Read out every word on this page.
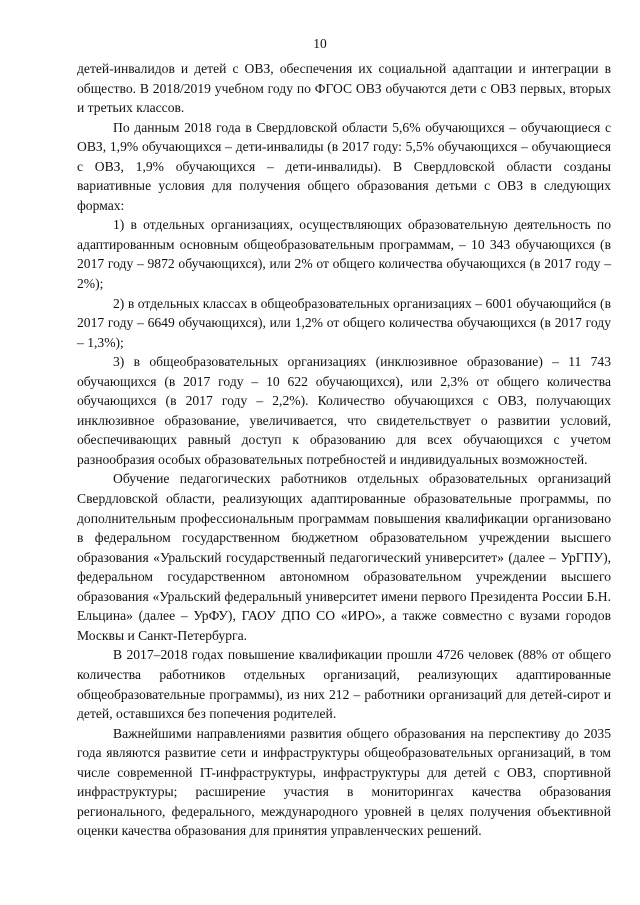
10

детей-инвалидов и детей с ОВЗ, обеспечения их социальной адаптации и интеграции в общество. В 2018/2019 учебном году по ФГОС ОВЗ обучаются дети с ОВЗ первых, вторых и третьих классов.

По данным 2018 года в Свердловской области 5,6% обучающихся – обучающиеся с ОВЗ, 1,9% обучающихся – дети-инвалиды (в 2017 году: 5,5% обучающихся – обучающиеся с ОВЗ, 1,9% обучающихся – дети-инвалиды). В Свердловской области созданы вариативные условия для получения общего образования детьми с ОВЗ в следующих формах:

1) в отдельных организациях, осуществляющих образовательную деятельность по адаптированным основным общеобразовательным программам, – 10 343 обучающихся (в 2017 году – 9872 обучающихся), или 2% от общего количества обучающихся (в 2017 году – 2%);

2) в отдельных классах в общеобразовательных организациях – 6001 обучающийся (в 2017 году – 6649 обучающихся), или 1,2% от общего количества обучающихся (в 2017 году – 1,3%);

3) в общеобразовательных организациях (инклюзивное образование) – 11 743 обучающихся (в 2017 году – 10 622 обучающихся), или 2,3% от общего количества обучающихся (в 2017 году – 2,2%). Количество обучающихся с ОВЗ, получающих инклюзивное образование, увеличивается, что свидетельствует о развитии условий, обеспечивающих равный доступ к образованию для всех обучающихся с учетом разнообразия особых образовательных потребностей и индивидуальных возможностей.

Обучение педагогических работников отдельных образовательных организаций Свердловской области, реализующих адаптированные образовательные программы, по дополнительным профессиональным программам повышения квалификации организовано в федеральном государственном бюджетном образовательном учреждении высшего образования «Уральский государственный педагогический университет» (далее – УрГПУ), федеральном государственном автономном образовательном учреждении высшего образования «Уральский федеральный университет имени первого Президента России Б.Н. Ельцина» (далее – УрФУ), ГАОУ ДПО СО «ИРО», а также совместно с вузами городов Москвы и Санкт-Петербурга.

В 2017–2018 годах повышение квалификации прошли 4726 человек (88% от общего количества работников отдельных организаций, реализующих адаптированные общеобразовательные программы), из них 212 – работники организаций для детей-сирот и детей, оставшихся без попечения родителей.

Важнейшими направлениями развития общего образования на перспективу до 2035 года являются развитие сети и инфраструктуры общеобразовательных организаций, в том числе современной IT-инфраструктуры, инфраструктуры для детей с ОВЗ, спортивной инфраструктуры; расширение участия в мониторингах качества образования регионального, федерального, международного уровней в целях получения объективной оценки качества образования для принятия управленческих решений.
